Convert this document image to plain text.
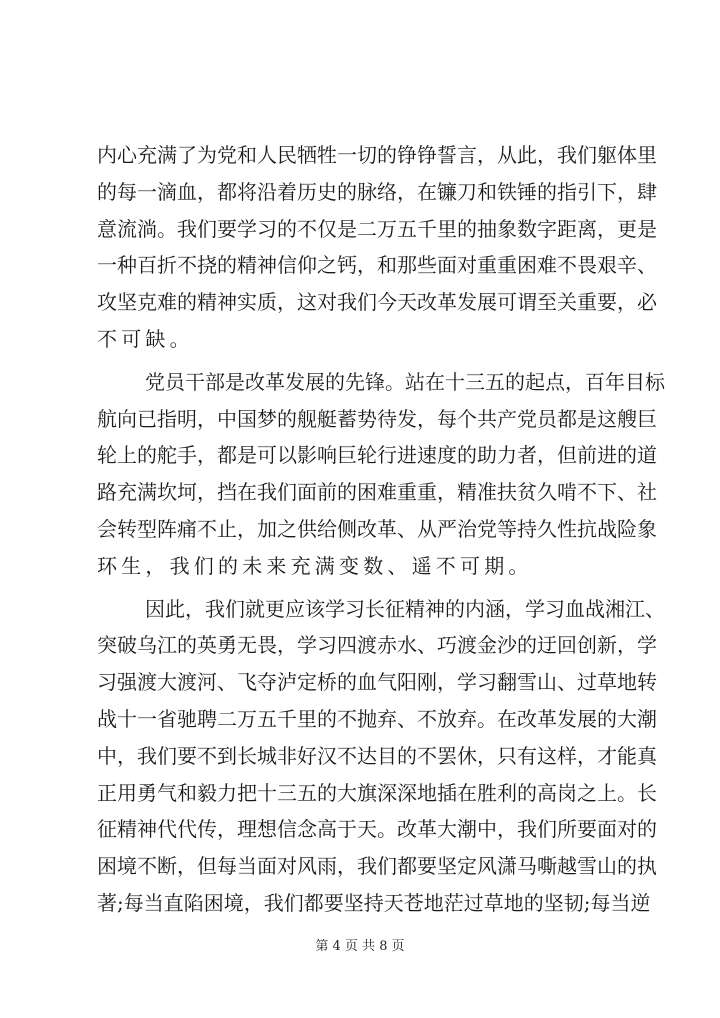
内心充满了为党和人民牺牲一切的铮铮誓言，从此，我们躯体里
的每一滴血，都将沿着历史的脉络，在镰刀和铁锤的指引下，肆
意流淌。我们要学习的不仅是二万五千里的抽象数字距离，更是
一种百折不挠的精神信仰之钙，和那些面对重重困难不畏艰辛、
攻坚克难的精神实质，这对我们今天改革发展可谓至关重要，必
不可缺。
党员干部是改革发展的先锋。站在十三五的起点，百年目标
航向已指明，中国梦的舰艇蓄势待发，每个共产党员都是这艘巨
轮上的舵手，都是可以影响巨轮行进速度的助力者，但前进的道
路充满坎坷，挡在我们面前的困难重重，精准扶贫久啃不下、社
会转型阵痛不止，加之供给侧改革、从严治党等持久性抗战险象
环生，我们的未来充满变数、遥不可期。
因此，我们就更应该学习长征精神的内涵，学习血战湘江、
突破乌江的英勇无畏，学习四渡赤水、巧渡金沙的迂回创新，学
习强渡大渡河、飞夺泸定桥的血气阳刚，学习翻雪山、过草地转
战十一省驰聘二万五千里的不抛弃、不放弃。在改革发展的大潮
中，我们要不到长城非好汉不达目的不罢休，只有这样，才能真
正用勇气和毅力把十三五的大旗深深地插在胜利的高岗之上。长
征精神代代传，理想信念高于天。改革大潮中，我们所要面对的
困境不断，但每当面对风雨，我们都要坚定风潇马嘶越雪山的执
著;每当直陷困境，我们都要坚持天苍地茫过草地的坚韧;每当逆
第 4 页 共 8 页
